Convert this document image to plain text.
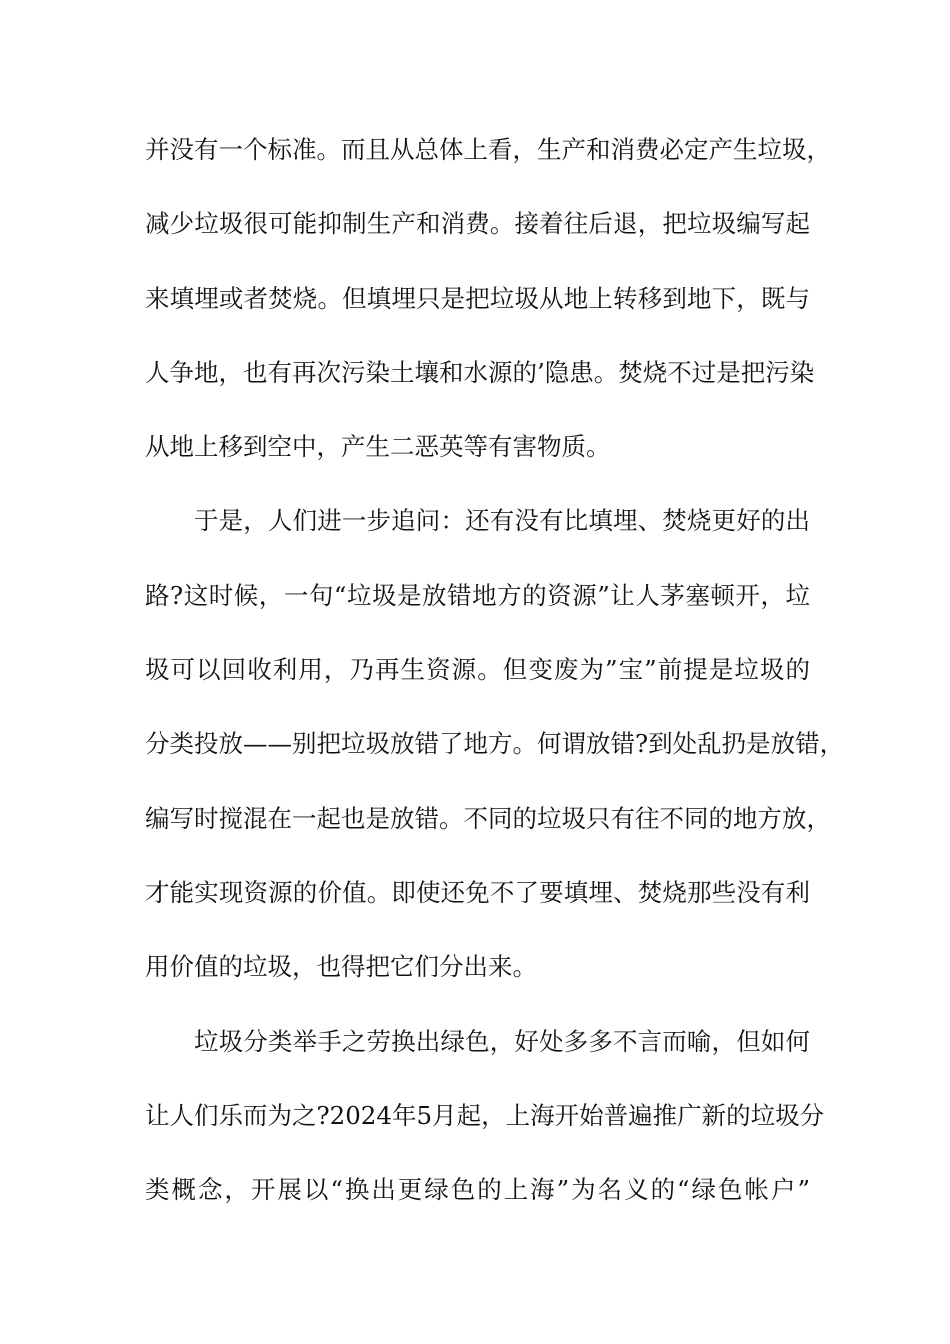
并没有一个标准。而且从总体上看，生产和消费必定产生垃圾，
减少垃圾很可能抑制生产和消费。接着往后退，把垃圾编写起
来填埋或者焚烧。但填埋只是把垃圾从地上转移到地下，既与
人争地，也有再次污染土壤和水源的’隐患。焚烧不过是把污染
从地上移到空中，产生二恶英等有害物质。
于是，人们进一步追问：还有没有比填埋、焚烧更好的出
路?这时候，一句“垃圾是放错地方的资源”让人茅塞顿开，垃
圾可以回收利用，乃再生资源。但变废为”宝”前提是垃圾的
分类投放——别把垃圾放错了地方。何谓放错?到处乱扔是放错，
编写时搅混在一起也是放错。不同的垃圾只有往不同的地方放，
才能实现资源的价值。即使还免不了要填埋、焚烧那些没有利
用价值的垃圾，也得把它们分出来。
垃圾分类举手之劳换出绿色，好处多多不言而喻，但如何
让人们乐而为之?2024年5月起，上海开始普遍推广新的垃圾分
类概念，开展以“换出更绿色的上海”为名义的“绿色帐户”
